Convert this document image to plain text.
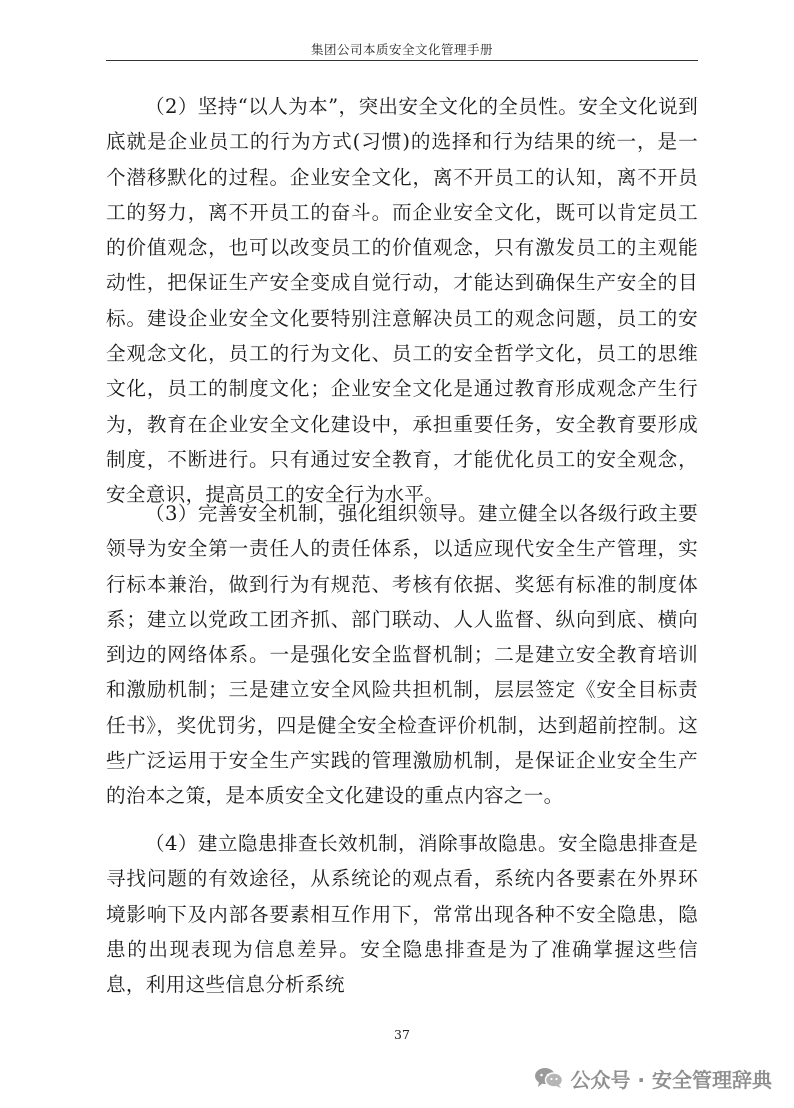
集团公司本质安全文化管理手册

（2）坚持“以人为本”，突出安全文化的全员性。安全文化说到底就是企业员工的行为方式(习惯)的选择和行为结果的统一，是一个潜移默化的过程。企业安全文化，离不开员工的认知，离不开员工的努力，离不开员工的奋斗。而企业安全文化，既可以肯定员工的价值观念，也可以改变员工的价值观念，只有激发员工的主观能动性，把保证生产安全变成自觉行动，才能达到确保生产安全的目标。建设企业安全文化要特别注意解决员工的观念问题，员工的安全观念文化，员工的行为文化、员工的安全哲学文化，员工的思维文化，员工的制度文化；企业安全文化是通过教育形成观念产生行为，教育在企业安全文化建设中，承担重要任务，安全教育要形成制度，不断进行。只有通过安全教育，才能优化员工的安全观念，安全意识，提高员工的安全行为水平。

（3）完善安全机制，强化组织领导。建立健全以各级行政主要领导为安全第一责任人的责任体系，以适应现代安全生产管理，实行标本兼治，做到行为有规范、考核有依据、奖惩有标准的制度体系；建立以党政工团齐抓、部门联动、人人监督、纵向到底、横向到边的网络体系。一是强化安全监督机制；二是建立安全教育培训和激励机制；三是建立安全风险共担机制，层层签定《安全目标责任书》，奖优罚劣，四是健全安全检查评价机制，达到超前控制。这些广泛运用于安全生产实践的管理激励机制，是保证企业安全生产的治本之策，是本质安全文化建设的重点内容之一。

（4）建立隐患排查长效机制，消除事故隐患。安全隐患排查是寻找问题的有效途径，从系统论的观点看，系统内各要素在外界环境影响下及内部各要素相互作用下，常常出现各种不安全隐患，隐患的出现表现为信息差异。安全隐患排查是为了准确掌握这些信息，利用这些信息分析系统

37
公众号 · 安全管理辞典
